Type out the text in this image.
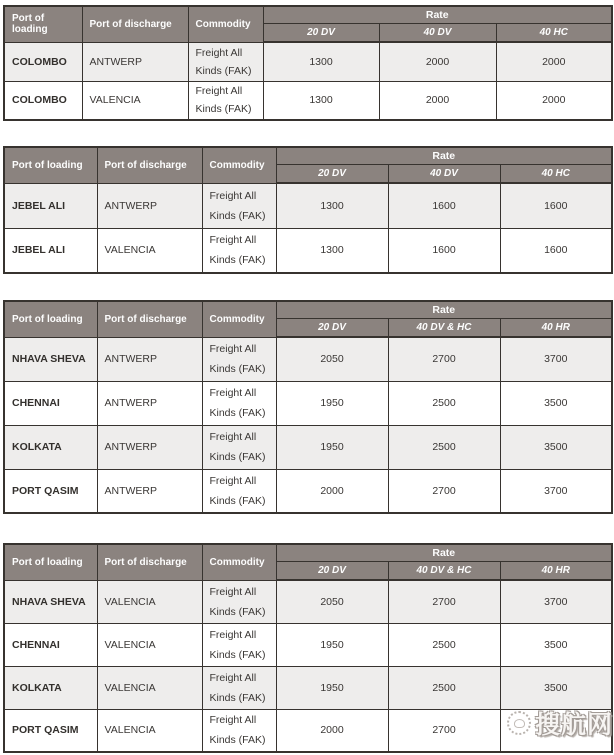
Port of loading	Port of discharge	Commodity	Rate		
			20 DV	40 DV	40 HC
COLOMBO	ANTWERP	Freight All Kinds (FAK)	1300	2000	2000
COLOMBO	VALENCIA	Freight All Kinds (FAK)	1300	2000	2000
Port of loading	Port of discharge	Commodity	Rate		
			20 DV	40 DV	40 HC
JEBEL ALI	ANTWERP	Freight All Kinds (FAK)	1300	1600	1600
JEBEL ALI	VALENCIA	Freight All Kinds (FAK)	1300	1600	1600
Port of loading	Port of discharge	Commodity	Rate		
			20 DV	40 DV & HC	40 HR
NHAVA SHEVA	ANTWERP	Freight All Kinds (FAK)	2050	2700	3700
CHENNAI	ANTWERP	Freight All Kinds (FAK)	1950	2500	3500
KOLKATA	ANTWERP	Freight All Kinds (FAK)	1950	2500	3500
PORT QASIM	ANTWERP	Freight All Kinds (FAK)	2000	2700	3700
Port of loading	Port of discharge	Commodity	Rate		
			20 DV	40 DV & HC	40 HR
NHAVA SHEVA	VALENCIA	Freight All Kinds (FAK)	2050	2700	3700
CHENNAI	VALENCIA	Freight All Kinds (FAK)	1950	2500	3500
KOLKATA	VALENCIA	Freight All Kinds (FAK)	1950	2500	3500
PORT QASIM	VALENCIA	Freight All Kinds (FAK)	2000	2700		搜航网
